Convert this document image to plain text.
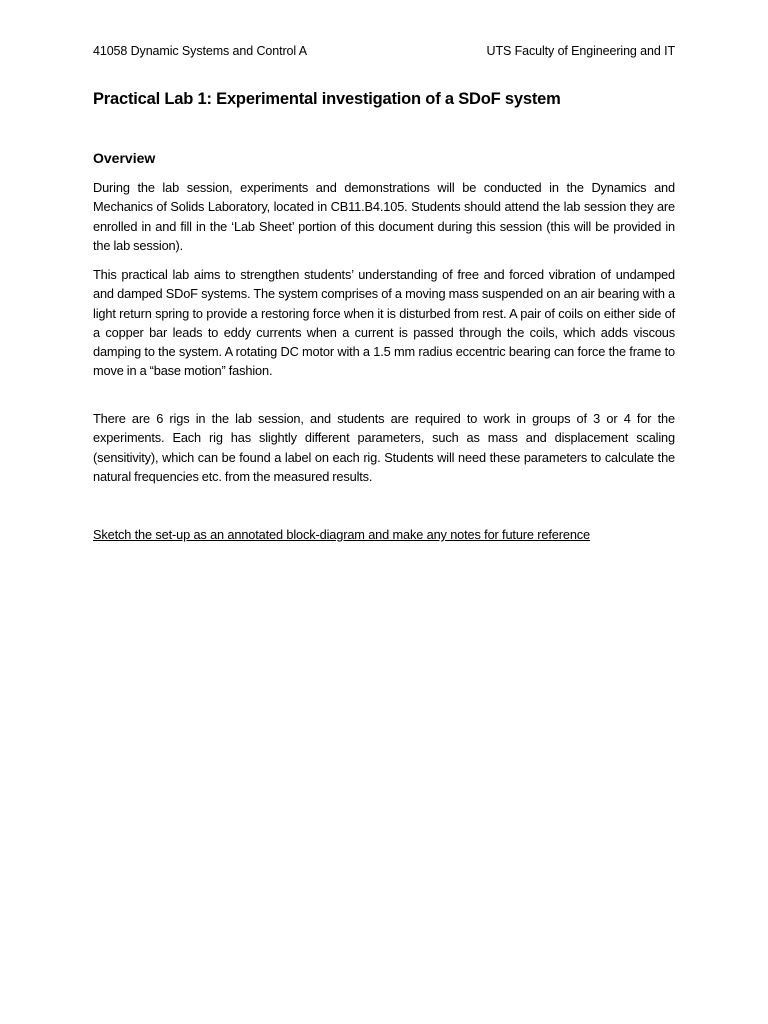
41058 Dynamic Systems and Control A	UTS Faculty of Engineering and IT
Practical Lab 1: Experimental investigation of a SDoF system
Overview

During the lab session, experiments and demonstrations will be conducted in the Dynamics and Mechanics of Solids Laboratory, located in CB11.B4.105. Students should attend the lab session they are enrolled in and fill in the ‘Lab Sheet’ portion of this document during this session (this will be provided in the lab session).

This practical lab aims to strengthen students’ understanding of free and forced vibration of undamped and damped SDoF systems. The system comprises of a moving mass suspended on an air bearing with a light return spring to provide a restoring force when it is disturbed from rest. A pair of coils on either side of a copper bar leads to eddy currents when a current is passed through the coils, which adds viscous damping to the system. A rotating DC motor with a 1.5 mm radius eccentric bearing can force the frame to move in a “base motion” fashion.

There are 6 rigs in the lab session, and students are required to work in groups of 3 or 4 for the experiments. Each rig has slightly different parameters, such as mass and displacement scaling (sensitivity), which can be found a label on each rig. Students will need these parameters to calculate the natural frequencies etc. from the measured results.

Sketch the set-up as an annotated block-diagram and make any notes for future reference
